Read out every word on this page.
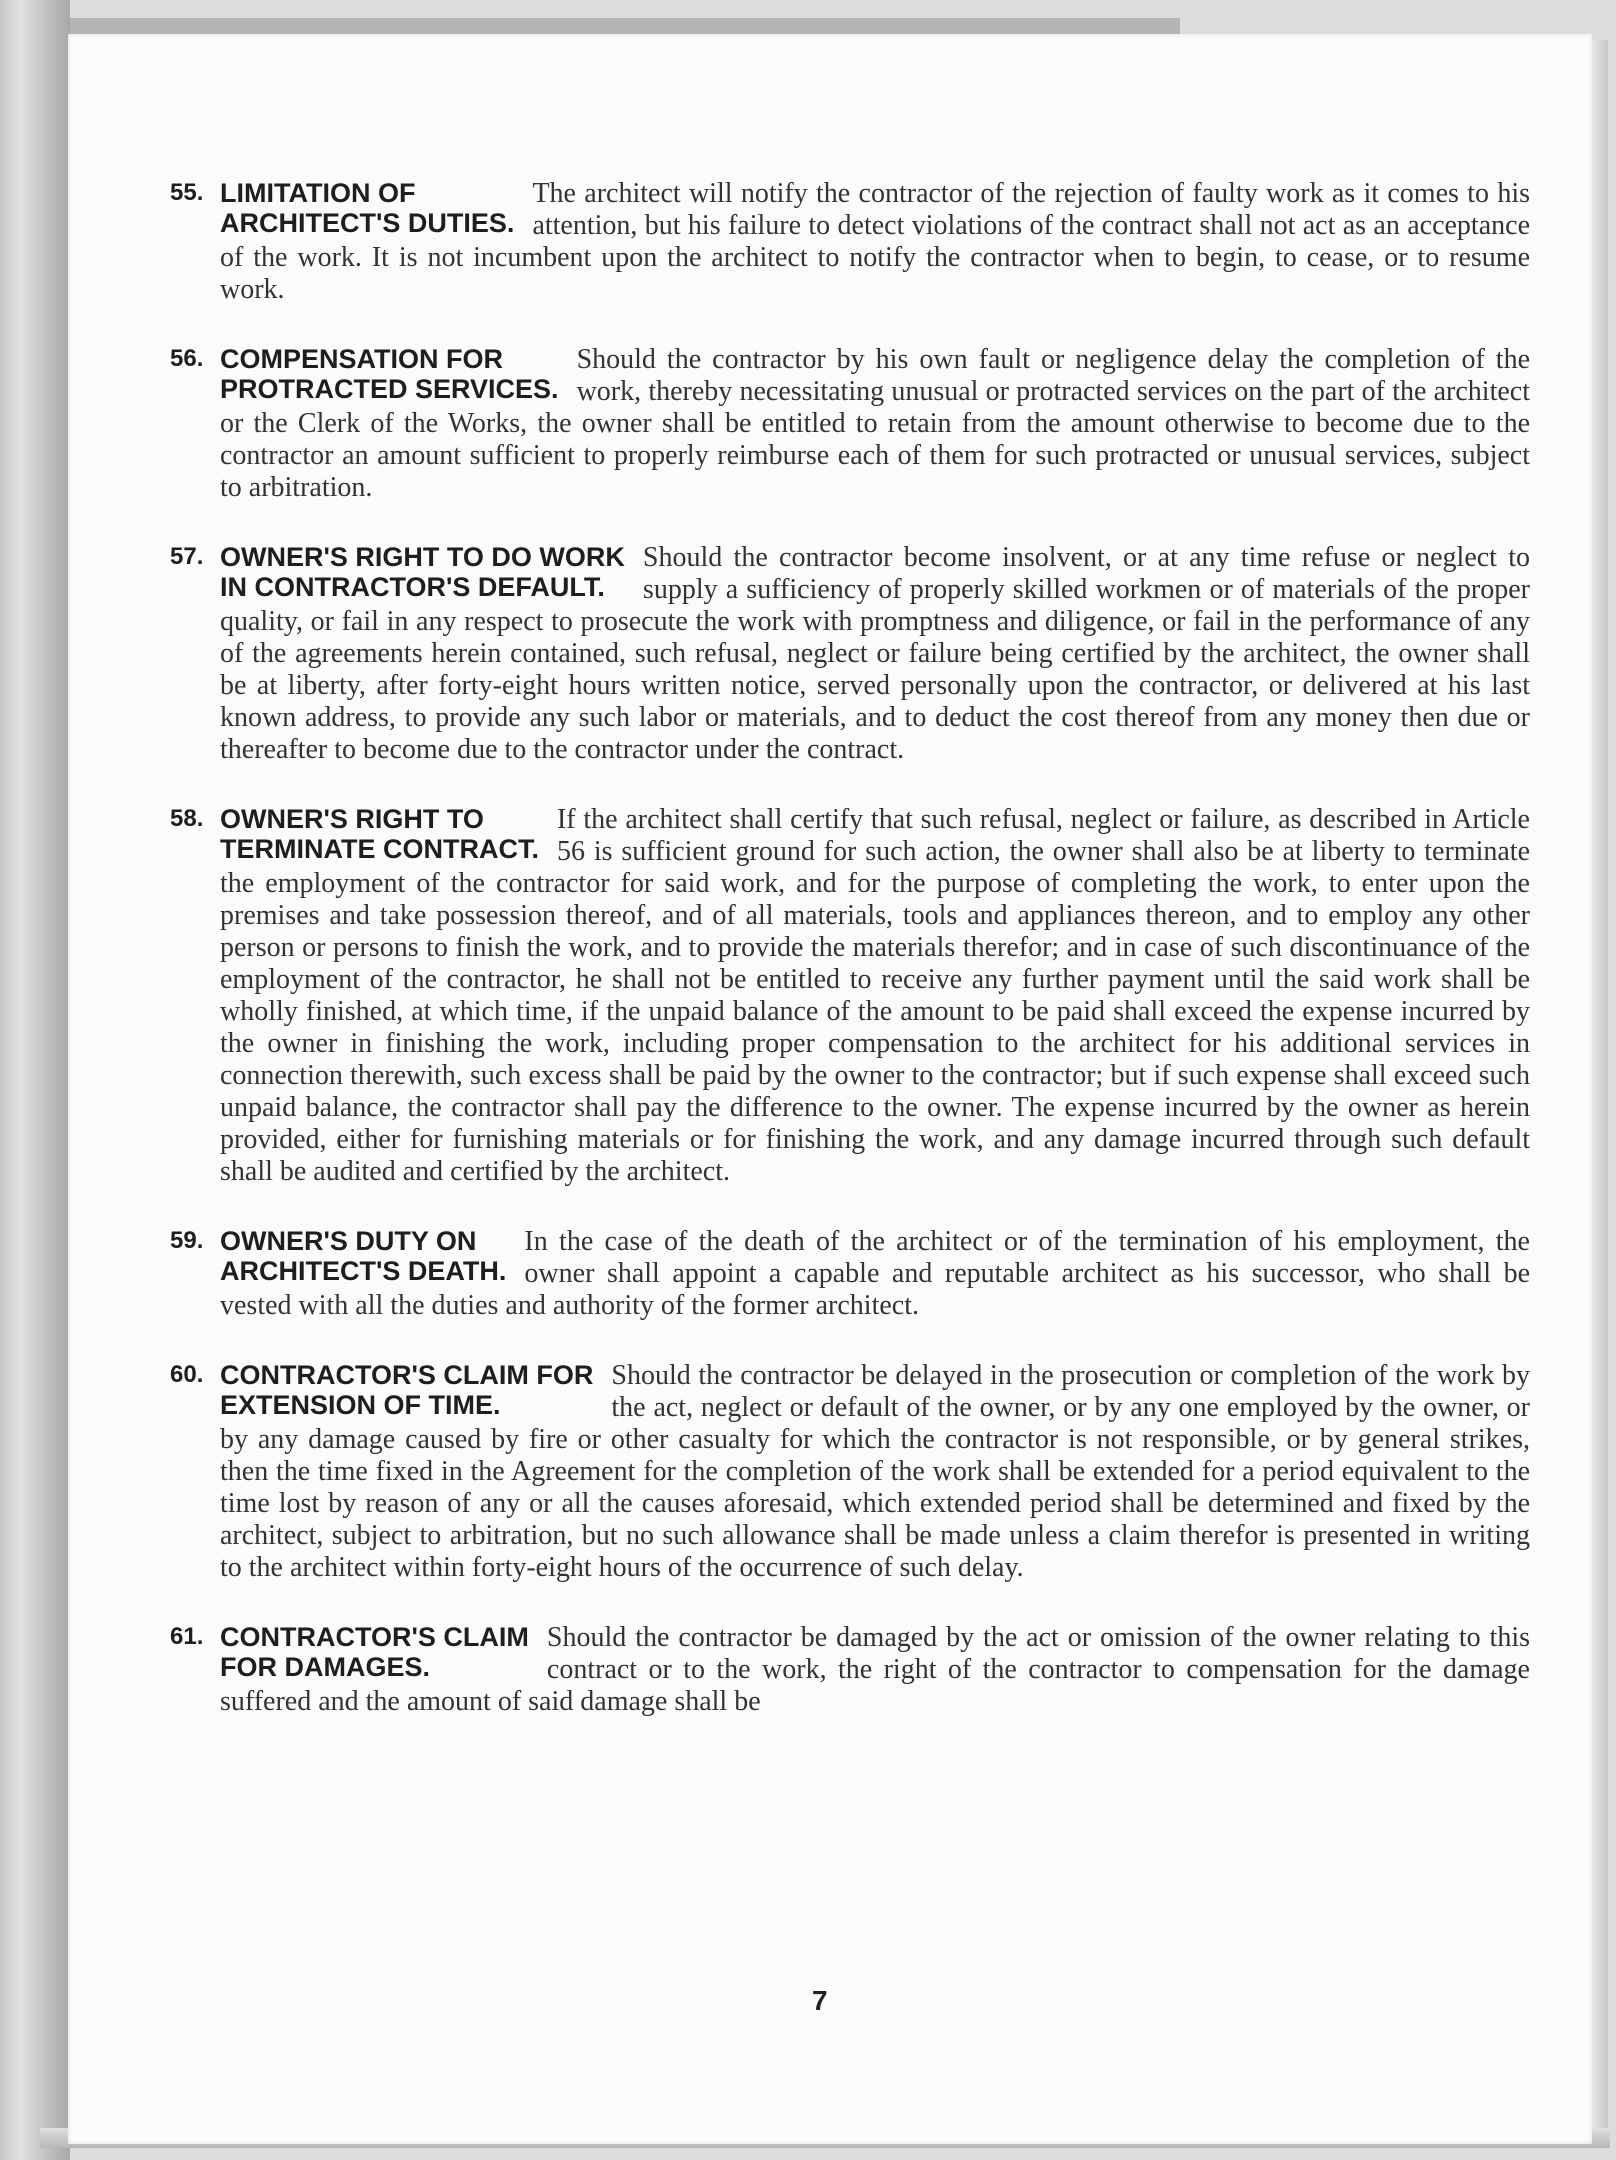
55. LIMITATION OF
ARCHITECT'S DUTIES.
The architect will notify the contractor of the rejection of faulty work as it comes to his attention, but his failure to detect violations of the contract shall not act as an acceptance of the work. It is not incumbent upon the architect to notify the contractor when to begin, to cease, or to resume work.
56. COMPENSATION FOR
PROTRACTED SERVICES.
Should the contractor by his own fault or negligence delay the completion of the work, thereby necessitating unusual or protracted services on the part of the architect or the Clerk of the Works, the owner shall be entitled to retain from the amount otherwise to become due to the contractor an amount sufficient to properly reimburse each of them for such protracted or unusual services, subject to arbitration.
57. OWNER'S RIGHT TO DO WORK
IN CONTRACTOR'S DEFAULT.
Should the contractor become insolvent, or at any time refuse or neglect to supply a sufficiency of properly skilled workmen or of materials of the proper quality, or fail in any respect to prosecute the work with promptness and diligence, or fail in the performance of any of the agreements herein contained, such refusal, neglect or failure being certified by the architect, the owner shall be at liberty, after forty-eight hours written notice, served personally upon the contractor, or delivered at his last known address, to provide any such labor or materials, and to deduct the cost thereof from any money then due or thereafter to become due to the contractor under the contract.
58. OWNER'S RIGHT TO
TERMINATE CONTRACT.
If the architect shall certify that such refusal, neglect or failure, as described in Article 56 is sufficient ground for such action, the owner shall also be at liberty to terminate the employment of the contractor for said work, and for the purpose of completing the work, to enter upon the premises and take possession thereof, and of all materials, tools and appliances thereon, and to employ any other person or persons to finish the work, and to provide the materials therefor; and in case of such discontinuance of the employment of the contractor, he shall not be entitled to receive any further payment until the said work shall be wholly finished, at which time, if the unpaid balance of the amount to be paid shall exceed the expense incurred by the owner in finishing the work, including proper compensation to the architect for his additional services in connection therewith, such excess shall be paid by the owner to the contractor; but if such expense shall exceed such unpaid balance, the contractor shall pay the difference to the owner. The expense incurred by the owner as herein provided, either for furnishing materials or for finishing the work, and any damage incurred through such default shall be audited and certified by the architect.
59. OWNER'S DUTY ON
ARCHITECT'S DEATH.
In the case of the death of the architect or of the termination of his employment, the owner shall appoint a capable and reputable architect as his successor, who shall be vested with all the duties and authority of the former architect.
60. CONTRACTOR'S CLAIM FOR
EXTENSION OF TIME.
Should the contractor be delayed in the prosecution or completion of the work by the act, neglect or default of the owner, or by any one employed by the owner, or by any damage caused by fire or other casualty for which the contractor is not responsible, or by general strikes, then the time fixed in the Agreement for the completion of the work shall be extended for a period equivalent to the time lost by reason of any or all the causes aforesaid, which extended period shall be determined and fixed by the architect, subject to arbitration, but no such allowance shall be made unless a claim therefor is presented in writing to the architect within forty-eight hours of the occurrence of such delay.
61. CONTRACTOR'S CLAIM
FOR DAMAGES.
Should the contractor be damaged by the act or omission of the owner relating to this contract or to the work, the right of the contractor to compensation for the damage suffered and the amount of said damage shall be
7
